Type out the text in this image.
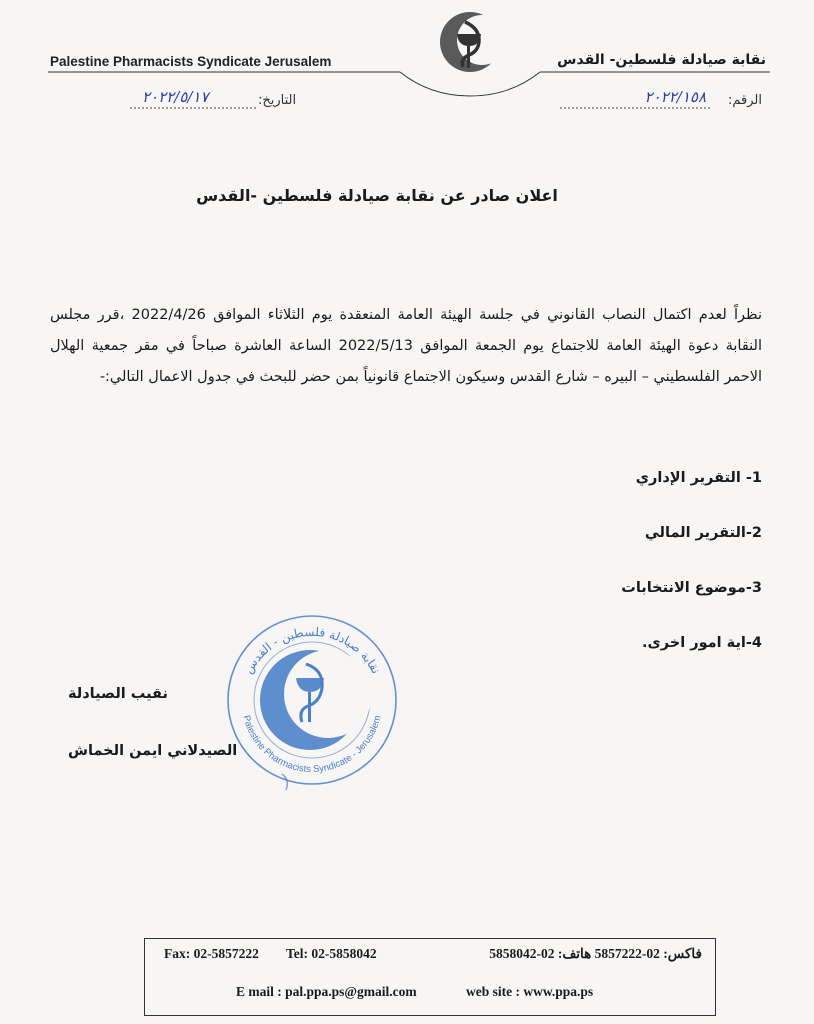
Palestine Pharmacists Syndicate Jerusalem	نقابة صيادلة فلسطين- القدس
الرقم:
٢٠٢٢/١٥٨
التاريخ:
٢٠٢٢/٥/١٧
اعلان صادر عن نقابة صيادلة فلسطين -القدس
نظراً لعدم اكتمال النصاب القانوني في جلسة الهيئة العامة المنعقدة يوم الثلاثاء الموافق 2022/4/26 ،قرر مجلس النقابة دعوة الهيئة العامة للاجتماع يوم الجمعة الموافق 2022/5/13 الساعة العاشرة صباحاً في مقر جمعية الهلال الاحمر الفلسطيني – البيره – شارع القدس وسيكون الاجتماع قانونياً بمن حضر للبحث في جدول الاعمال التالي:-
1- التقرير الإداري
2-التقرير المالي
3-موضوع الانتخابات
4-اية امور اخرى.
نقابة صيادلة فلسطين - القدس
Palestine Pharmacists Syndicate - Jerusalem
نقيب الصيادلة
الصيدلاني ايمن الخماش
Fax: 02-5857222 Tel: 02-5858042	فاكس: 02-5857222 هاتف: 02-5858042
E mail : pal.ppa.ps@gmail.com	web site : www.ppa.ps
